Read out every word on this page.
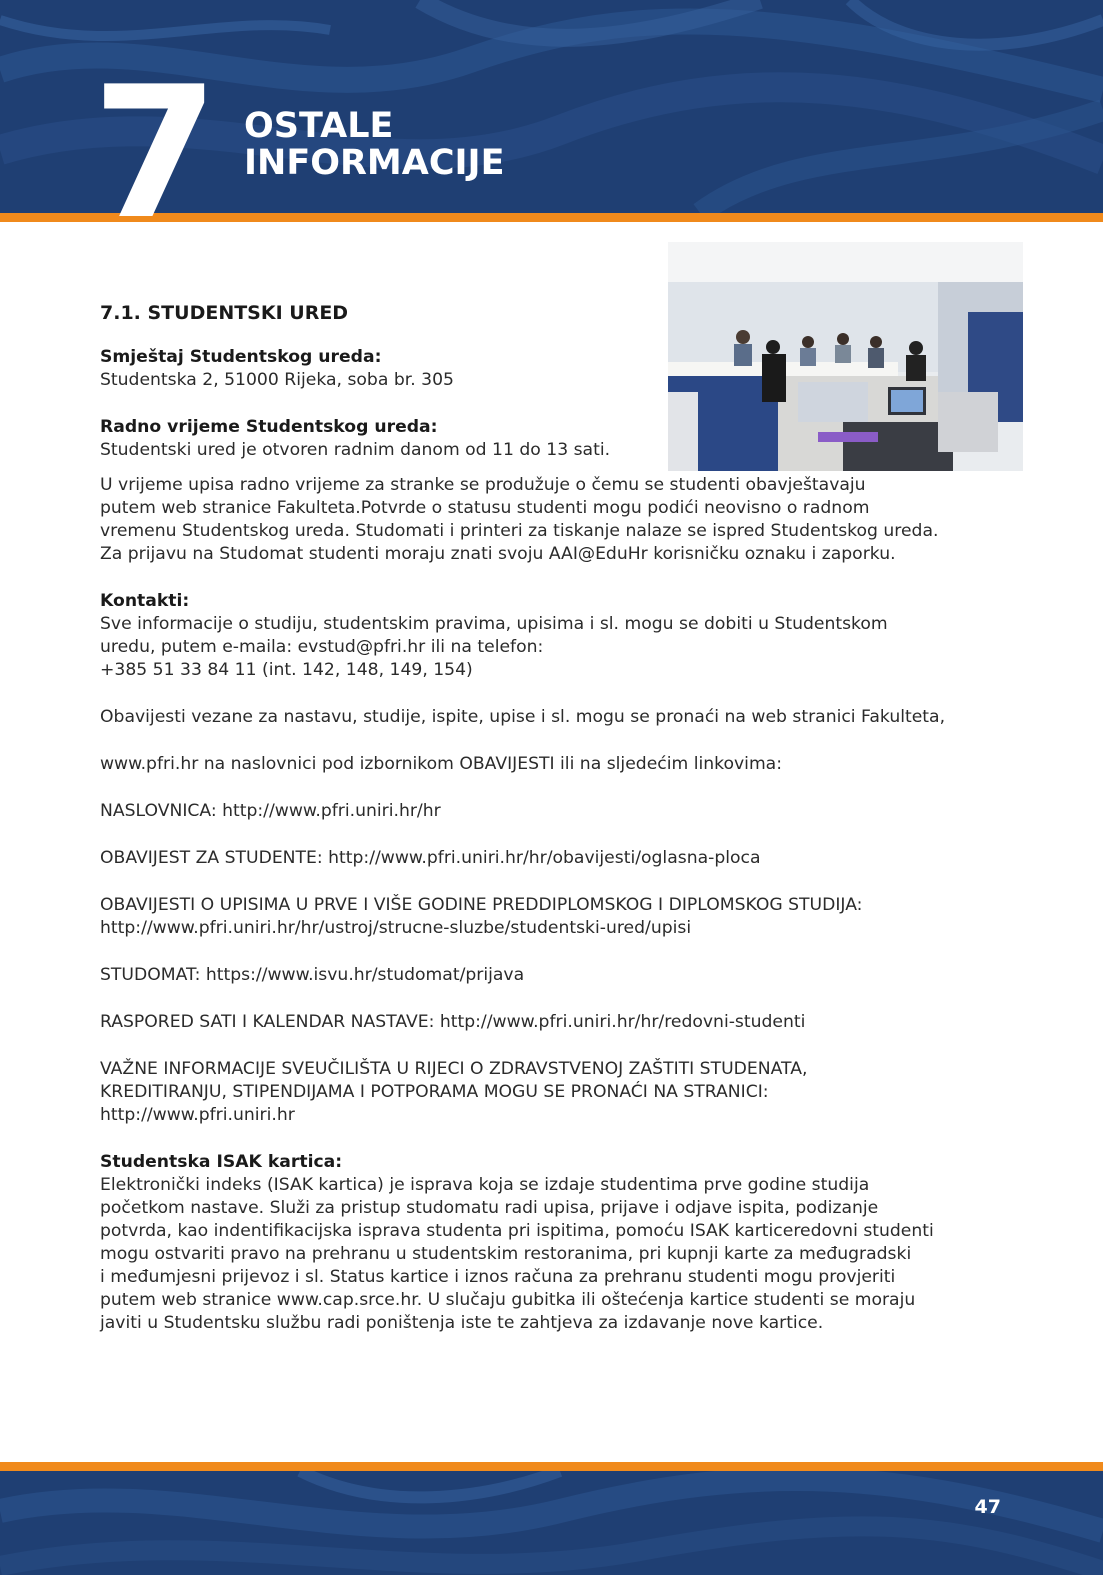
7 OSTALE
INFORMACIJE

7.1. STUDENTSKI URED

Smještaj Studentskog ureda:

Studentska 2, 51000 Rijeka, soba br. 305

Radno vrijeme Studentskog ureda:

Studentski ured je otvoren radnim danom od 11 do 13 sati.

U vrijeme upisa radno vrijeme za stranke se produžuje o čemu se studenti obavještavaju
putem web stranice Fakulteta.Potvrde o statusu studenti mogu podići neovisno o radnom
vremenu Studentskog ureda. Studomati i printeri za tiskanje nalaze se ispred Studentskog ureda.
Za prijavu na Studomat studenti moraju znati svoju AAI@EduHr korisničku oznaku i zaporku.

Kontakti:

Sve informacije o studiju, studentskim pravima, upisima i sl. mogu se dobiti u Studentskom
uredu, putem e-maila: evstud@pfri.hr ili na telefon:
+385 51 33 84 11 (int. 142, 148, 149, 154)
Obavijesti vezane za nastavu, studije, ispite, upise i sl. mogu se pronaći na web stranici Fakulteta,
www.pfri.hr na naslovnici pod izbornikom OBAVIJESTI ili na sljedećim linkovima:
NASLOVNICA: http://www.pfri.uniri.hr/hr
OBAVIJEST ZA STUDENTE: http://www.pfri.uniri.hr/hr/obavijesti/oglasna-ploca
OBAVIJESTI O UPISIMA U PRVE I VIŠE GODINE PREDDIPLOMSKOG I DIPLOMSKOG STUDIJA:
http://www.pfri.uniri.hr/hr/ustroj/strucne-sluzbe/studentski-ured/upisi
STUDOMAT: https://www.isvu.hr/studomat/prijava
RASPORED SATI I KALENDAR NASTAVE: http://www.pfri.uniri.hr/hr/redovni-studenti
VAŽNE INFORMACIJE SVEUČILIŠTA U RIJECI O ZDRAVSTVENOJ ZAŠTITI STUDENATA,
KREDITIRANJU, STIPENDIJAMA I POTPORAMA MOGU SE PRONAĆI NA STRANICI:
http://www.pfri.uniri.hr

Studentska ISAK kartica:

Elektronički indeks (ISAK kartica) je isprava koja se izdaje studentima prve godine studija
početkom nastave. Služi za pristup studomatu radi upisa, prijave i odjave ispita, podizanje
potvrda, kao indentifikacijska isprava studenta pri ispitima, pomoću ISAK karticeredovni studenti
mogu ostvariti pravo na prehranu u studentskim restoranima, pri kupnji karte za međugradski
i međumjesni prijevoz i sl. Status kartice i iznos računa za prehranu studenti mogu provjeriti
putem web stranice www.cap.srce.hr. U slučaju gubitka ili oštećenja kartice studenti se moraju
javiti u Studentsku službu radi poništenja iste te zahtjeva za izdavanje nove kartice.
47
